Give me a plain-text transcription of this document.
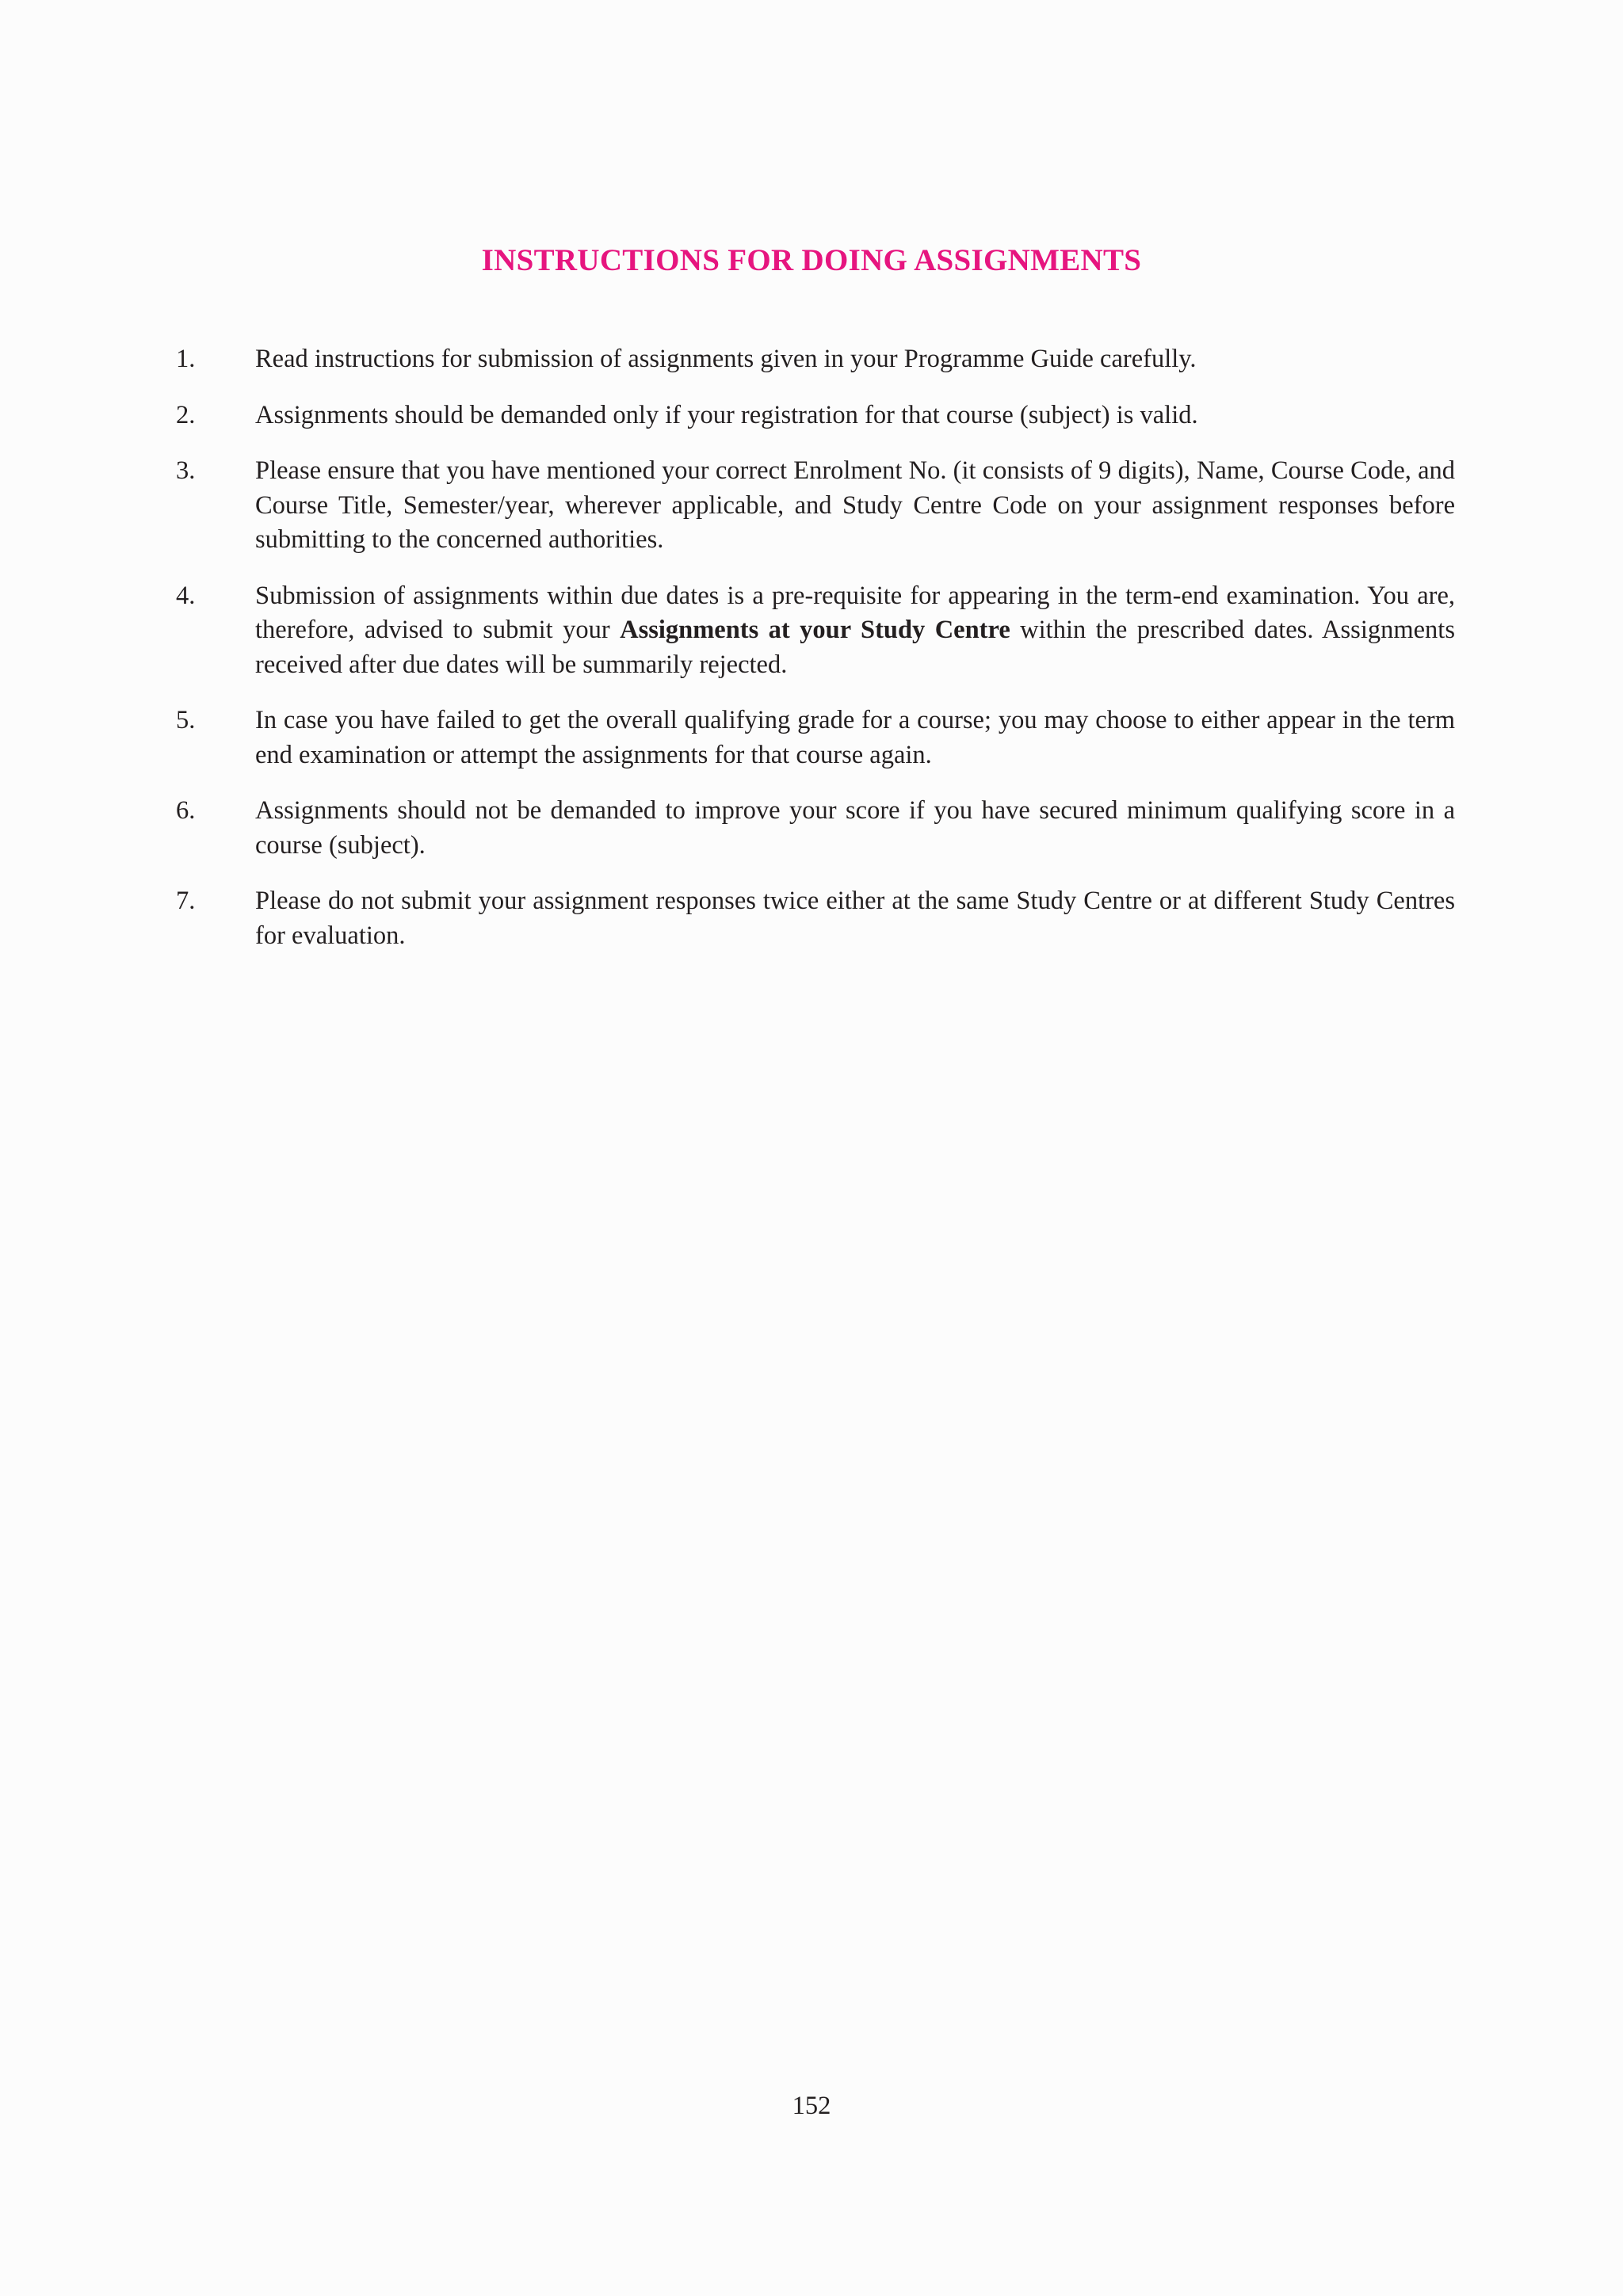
INSTRUCTIONS FOR DOING ASSIGNMENTS
1. Read instructions for submission of assignments given in your Programme Guide carefully.
2. Assignments should be demanded only if your registration for that course (subject) is valid.
3. Please ensure that you have mentioned your correct Enrolment No. (it consists of 9 digits), Name, Course Code, and Course Title, Semester/year, wherever applicable, and Study Centre Code on your assignment responses before submitting to the concerned authorities.
4. Submission of assignments within due dates is a pre-requisite for appearing in the term-end examination. You are, therefore, advised to submit your Assignments at your Study Centre within the prescribed dates. Assignments received after due dates will be summarily rejected.
5. In case you have failed to get the overall qualifying grade for a course; you may choose to either appear in the term end examination or attempt the assignments for that course again.
6. Assignments should not be demanded to improve your score if you have secured minimum qualifying score in a course (subject).
7. Please do not submit your assignment responses twice either at the same Study Centre or at different Study Centres for evaluation.
152
